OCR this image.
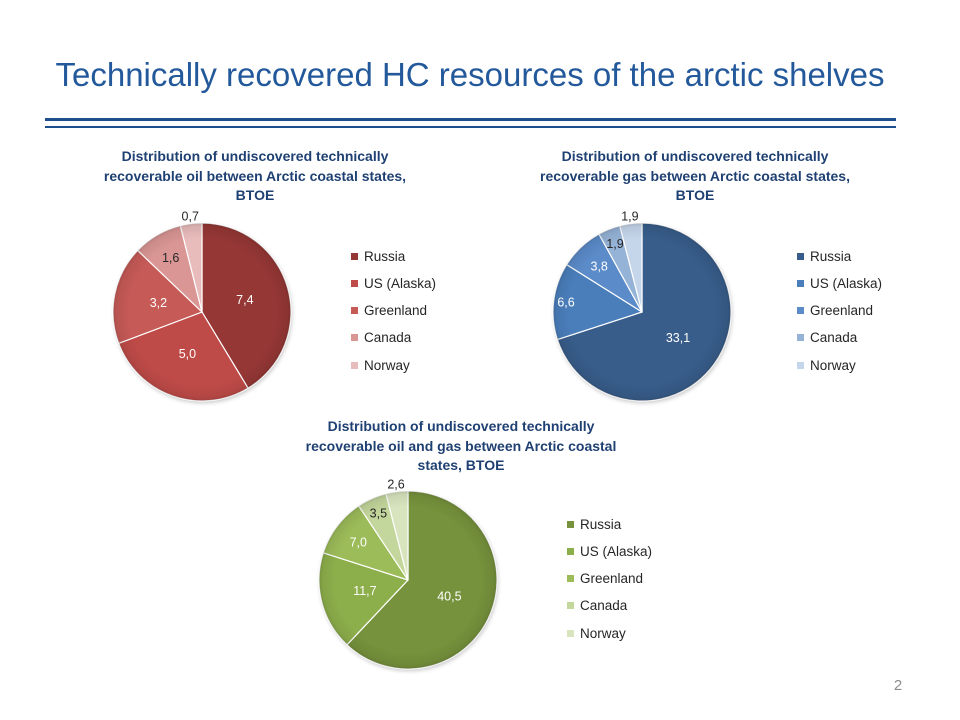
Technically recovered HC resources of the arctic shelves
Distribution of undiscovered technically recoverable oil between Arctic coastal states, BTOE
7,4
5,0
3,2
1,6
0,7
Russia
US (Alaska)
Greenland
Canada
Norway
Distribution of undiscovered technically recoverable gas between Arctic coastal states, BTOE
33,1
6,6
3,8
1,9
1,9
Russia
US (Alaska)
Greenland
Canada
Norway
Distribution of undiscovered technically recoverable oil and gas between Arctic coastal states, BTOE
40,5
11,7
7,0
3,5
2,6
Russia
US (Alaska)
Greenland
Canada
Norway
2
